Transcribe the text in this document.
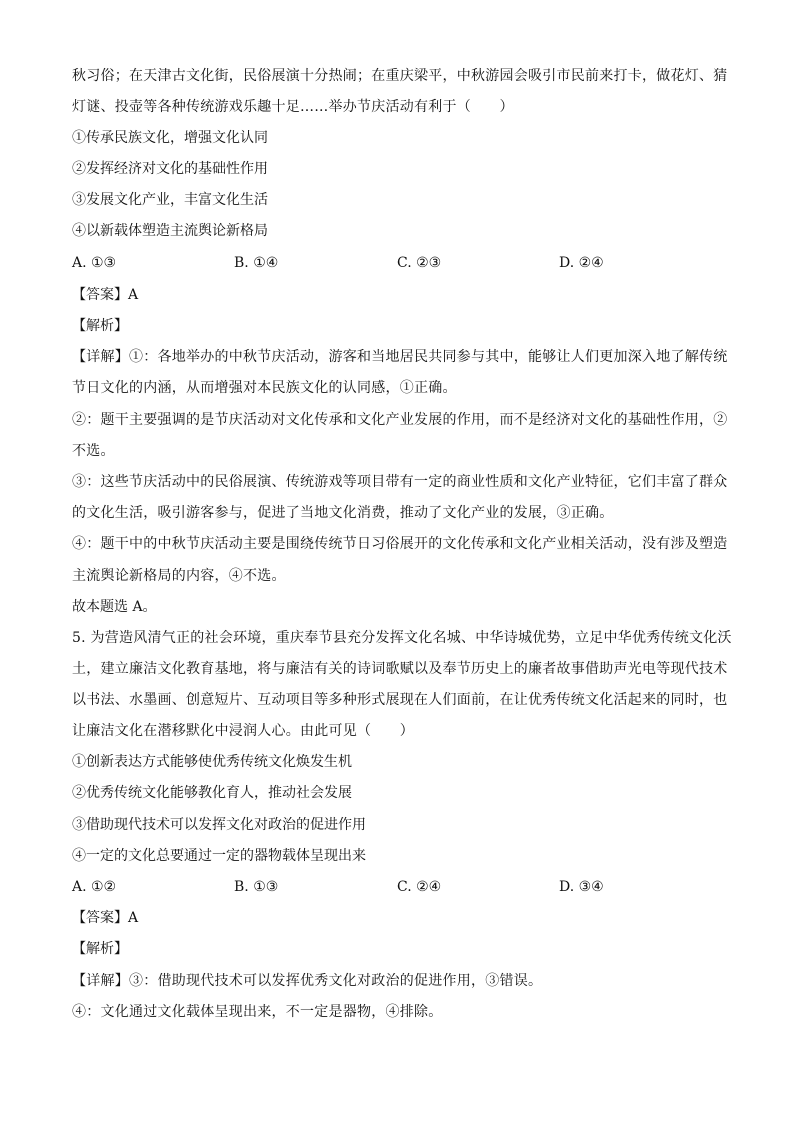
秋习俗；在天津古文化街，民俗展演十分热闹；在重庆梁平，中秋游园会吸引市民前来打卡，做花灯、猜
灯谜、投壶等各种传统游戏乐趣十足……举办节庆活动有利于（　　）
①传承民族文化，增强文化认同
②发挥经济对文化的基础性作用
③发展文化产业，丰富文化生活
④以新载体塑造主流舆论新格局
A. ①③	B. ①④	C. ②③	D. ②④
【答案】A
【解析】
【详解】①：各地举办的中秋节庆活动，游客和当地居民共同参与其中，能够让人们更加深入地了解传统
节日文化的内涵，从而增强对本民族文化的认同感，①正确。
②：题干主要强调的是节庆活动对文化传承和文化产业发展的作用，而不是经济对文化的基础性作用，②
不选。
③：这些节庆活动中的民俗展演、传统游戏等项目带有一定的商业性质和文化产业特征，它们丰富了群众
的文化生活，吸引游客参与，促进了当地文化消费，推动了文化产业的发展，③正确。
④：题干中的中秋节庆活动主要是围绕传统节日习俗展开的文化传承和文化产业相关活动，没有涉及塑造
主流舆论新格局的内容，④不选。
故本题选 A。
5. 为营造风清气正的社会环境，重庆奉节县充分发挥文化名城、中华诗城优势，立足中华优秀传统文化沃
土，建立廉洁文化教育基地，将与廉洁有关的诗词歌赋以及奉节历史上的廉者故事借助声光电等现代技术
以书法、水墨画、创意短片、互动项目等多种形式展现在人们面前，在让优秀传统文化活起来的同时，也
让廉洁文化在潜移默化中浸润人心。由此可见（　　）
①创新表达方式能够使优秀传统文化焕发生机
②优秀传统文化能够教化育人，推动社会发展
③借助现代技术可以发挥文化对政治的促进作用
④一定的文化总要通过一定的器物载体呈现出来
A. ①②	B. ①③	C. ②④	D. ③④
【答案】A
【解析】
【详解】③：借助现代技术可以发挥优秀文化对政治的促进作用，③错误。
④：文化通过文化载体呈现出来，不一定是器物，④排除。
